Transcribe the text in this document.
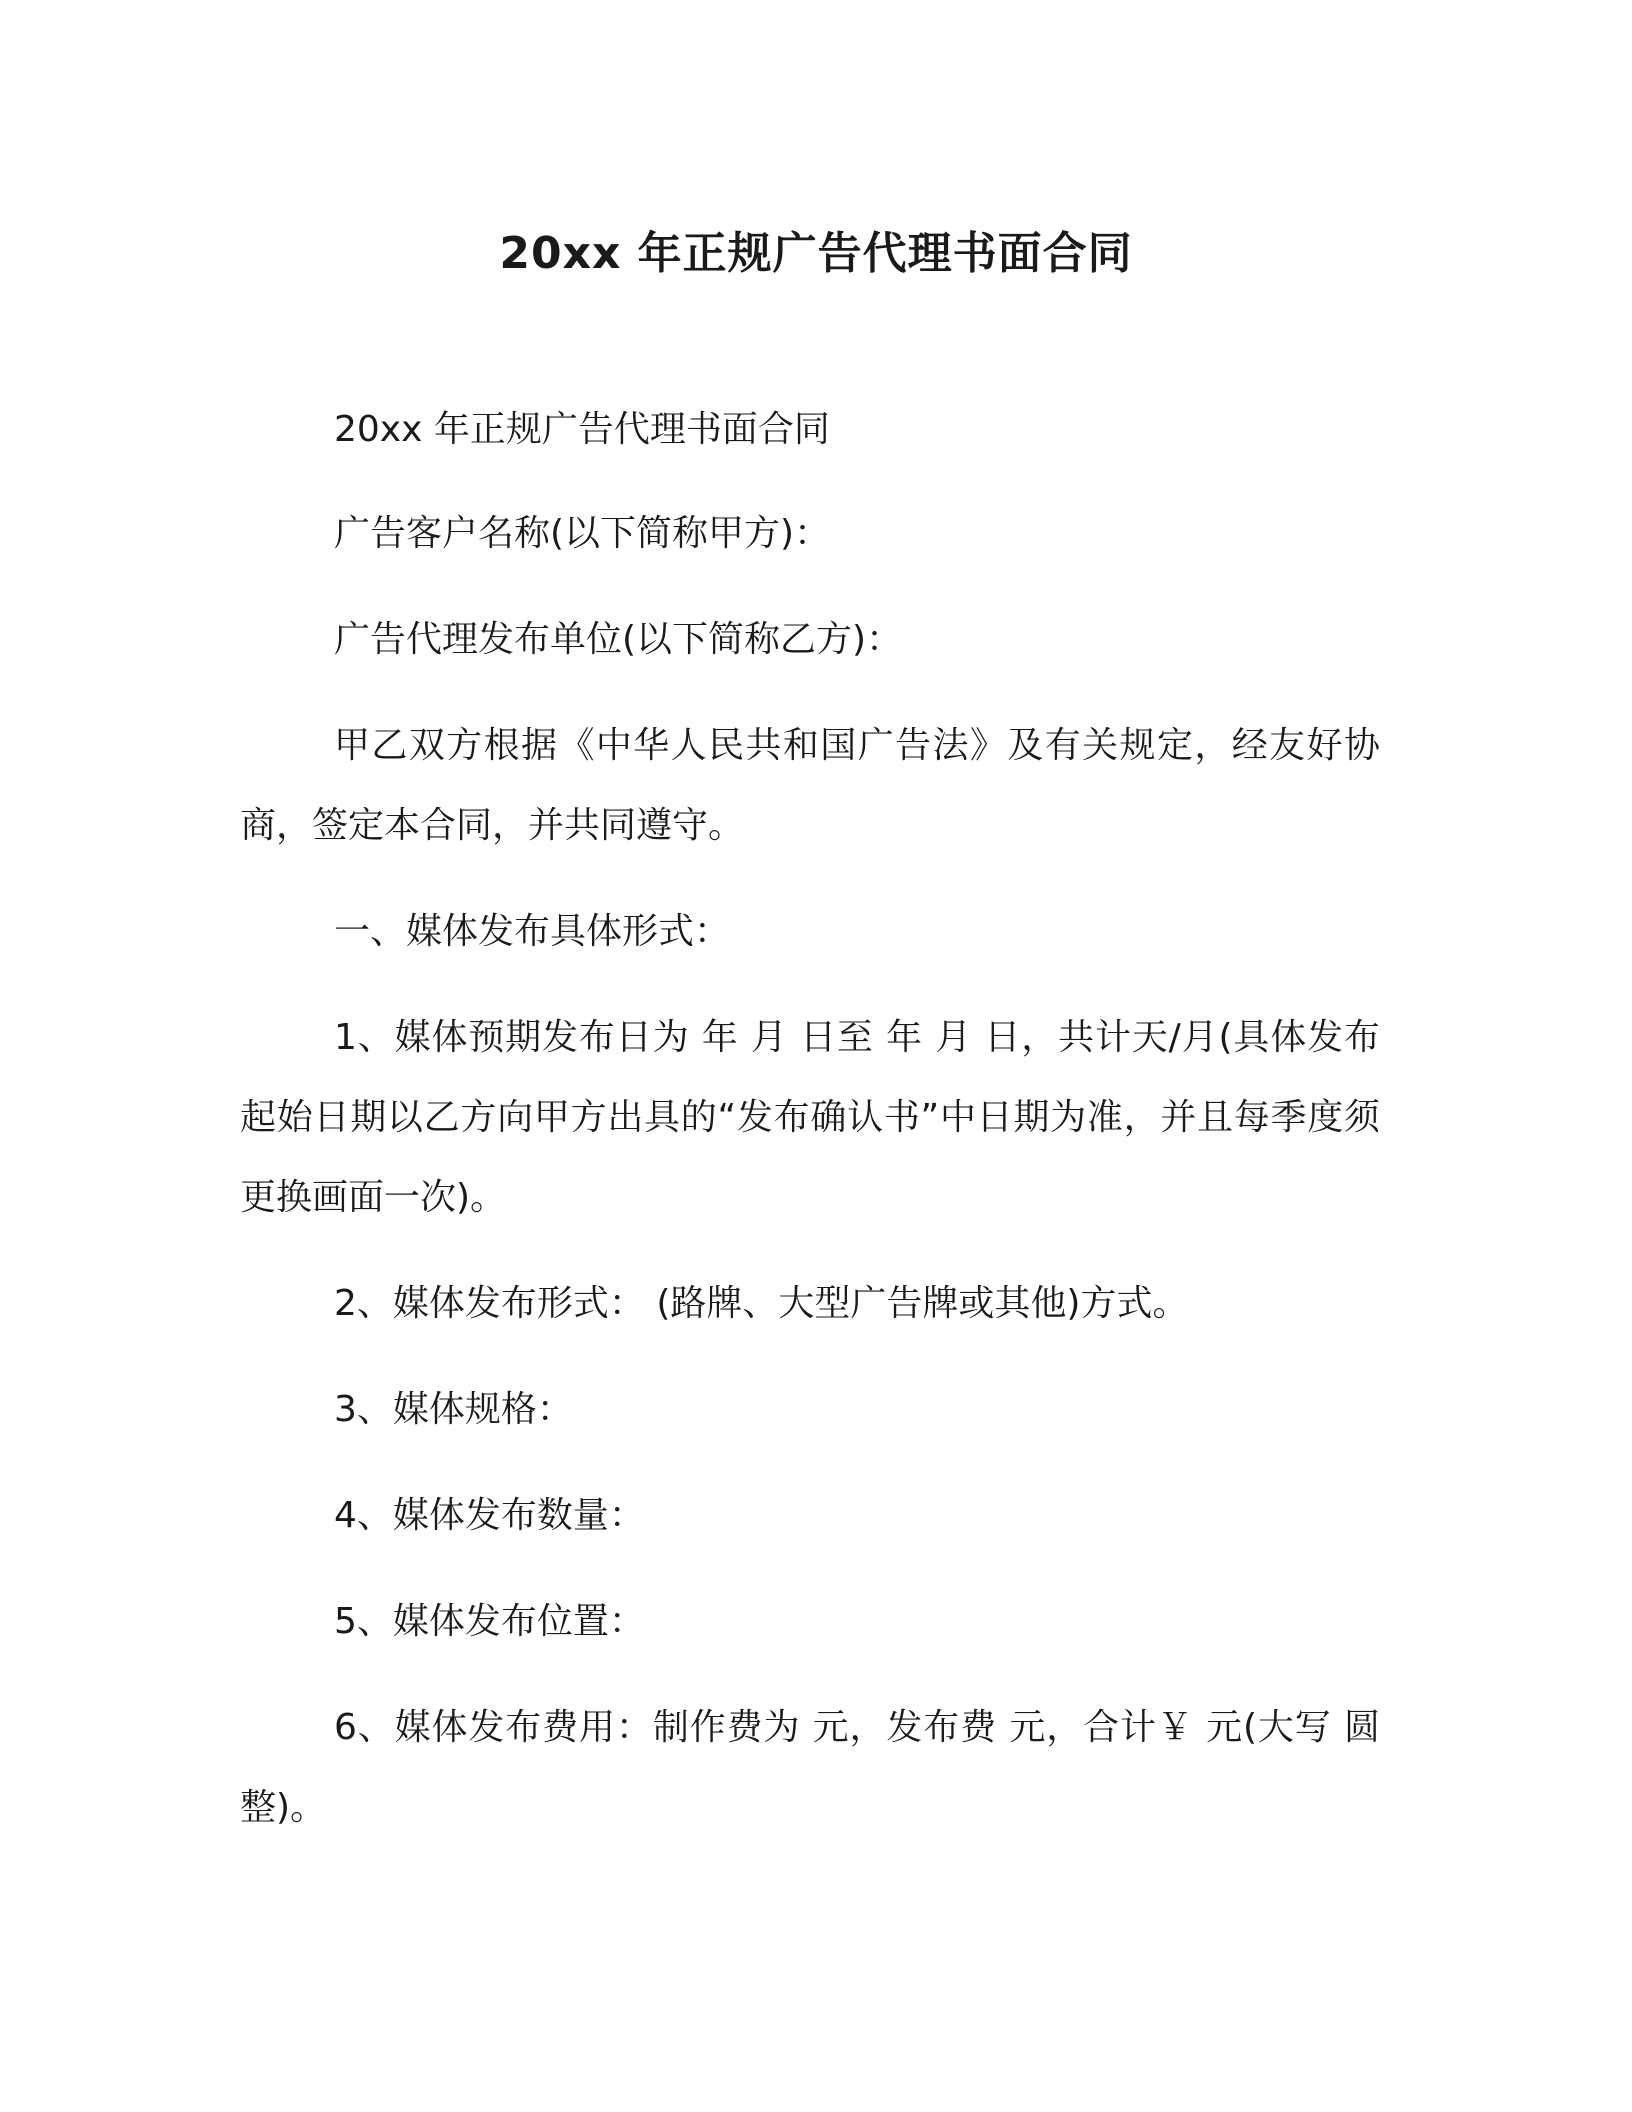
20xx 年正规广告代理书面合同

20xx 年正规广告代理书面合同

广告客户名称(以下简称甲方)：

广告代理发布单位(以下简称乙方)：

甲乙双方根据《中华人民共和国广告法》及有关规定，经友好协商，签定本合同，并共同遵守。

一、媒体发布具体形式：

1、媒体预期发布日为 年 月 日至 年 月 日，共计天/月(具体发布起始日期以乙方向甲方出具的“发布确认书”中日期为准，并且每季度须更换画面一次)。

2、媒体发布形式： (路牌、大型广告牌或其他)方式。

3、媒体规格：

4、媒体发布数量：

5、媒体发布位置：

6、媒体发布费用：制作费为 元，发布费 元，合计￥ 元(大写 圆整)。
